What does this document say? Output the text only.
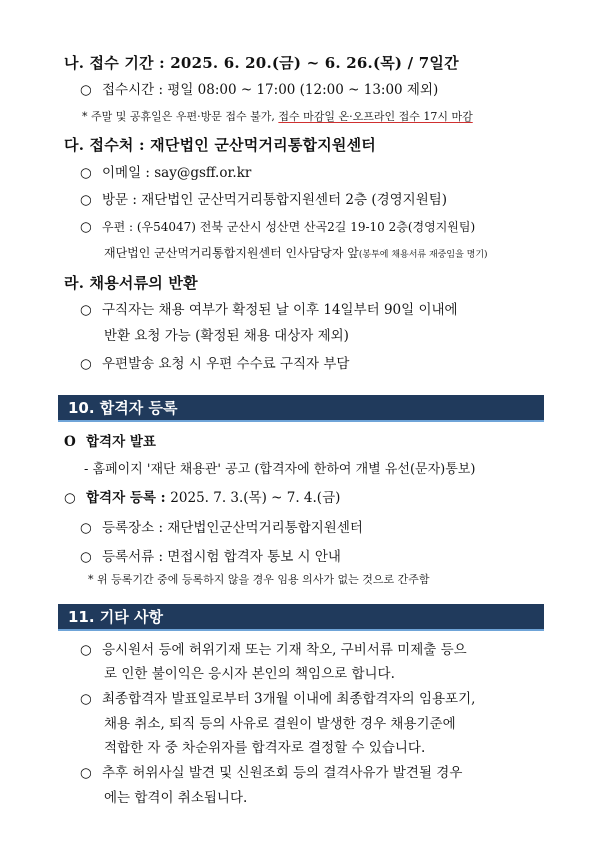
나. 접수 기간 : 2025. 6. 20.(금) ~ 6. 26.(목) / 7일간
○ 접수시간 : 평일 08:00 ~ 17:00 (12:00 ~ 13:00 제외)
* 주말 및 공휴일은 우편·방문 접수 불가, 접수 마감일 온·오프라인 접수 17시 마감
다. 접수처 : 재단법인 군산먹거리통합지원센터
○ 이메일 : say@gsff.or.kr
○ 방문 : 재단법인 군산먹거리통합지원센터 2층 (경영지원팀)
○ 우편 : (우54047) 전북 군산시 성산면 산곡2길 19-10 2층(경영지원팀)
재단법인 군산먹거리통합지원센터 인사담당자 앞(봉투에 채용서류 재중임을 명기)
라. 채용서류의 반환
○ 구직자는 채용 여부가 확정된 날 이후 14일부터 90일 이내에
반환 요청 가능 (확정된 채용 대상자 제외)
○ 우편발송 요청 시 우편 수수료 구직자 부담
10. 합격자 등록
O 합격자 발표
- 홈페이지 '재단 채용관' 공고 (합격자에 한하여 개별 유선(문자)통보)
○ 합격자 등록 : 2025. 7. 3.(목) ~ 7. 4.(금)
○ 등록장소 : 재단법인군산먹거리통합지원센터
○ 등록서류 : 면접시험 합격자 통보 시 안내
* 위 등록기간 중에 등록하지 않을 경우 임용 의사가 없는 것으로 간주함
11. 기타 사항
○ 응시원서 등에 허위기재 또는 기재 착오, 구비서류 미제출 등으
로 인한 불이익은 응시자 본인의 책임으로 합니다.
○ 최종합격자 발표일로부터 3개월 이내에 최종합격자의 임용포기,
채용 취소, 퇴직 등의 사유로 결원이 발생한 경우 채용기준에
적합한 자 중 차순위자를 합격자로 결정할 수 있습니다.
○ 추후 허위사실 발견 및 신원조회 등의 결격사유가 발견될 경우
에는 합격이 취소됩니다.
